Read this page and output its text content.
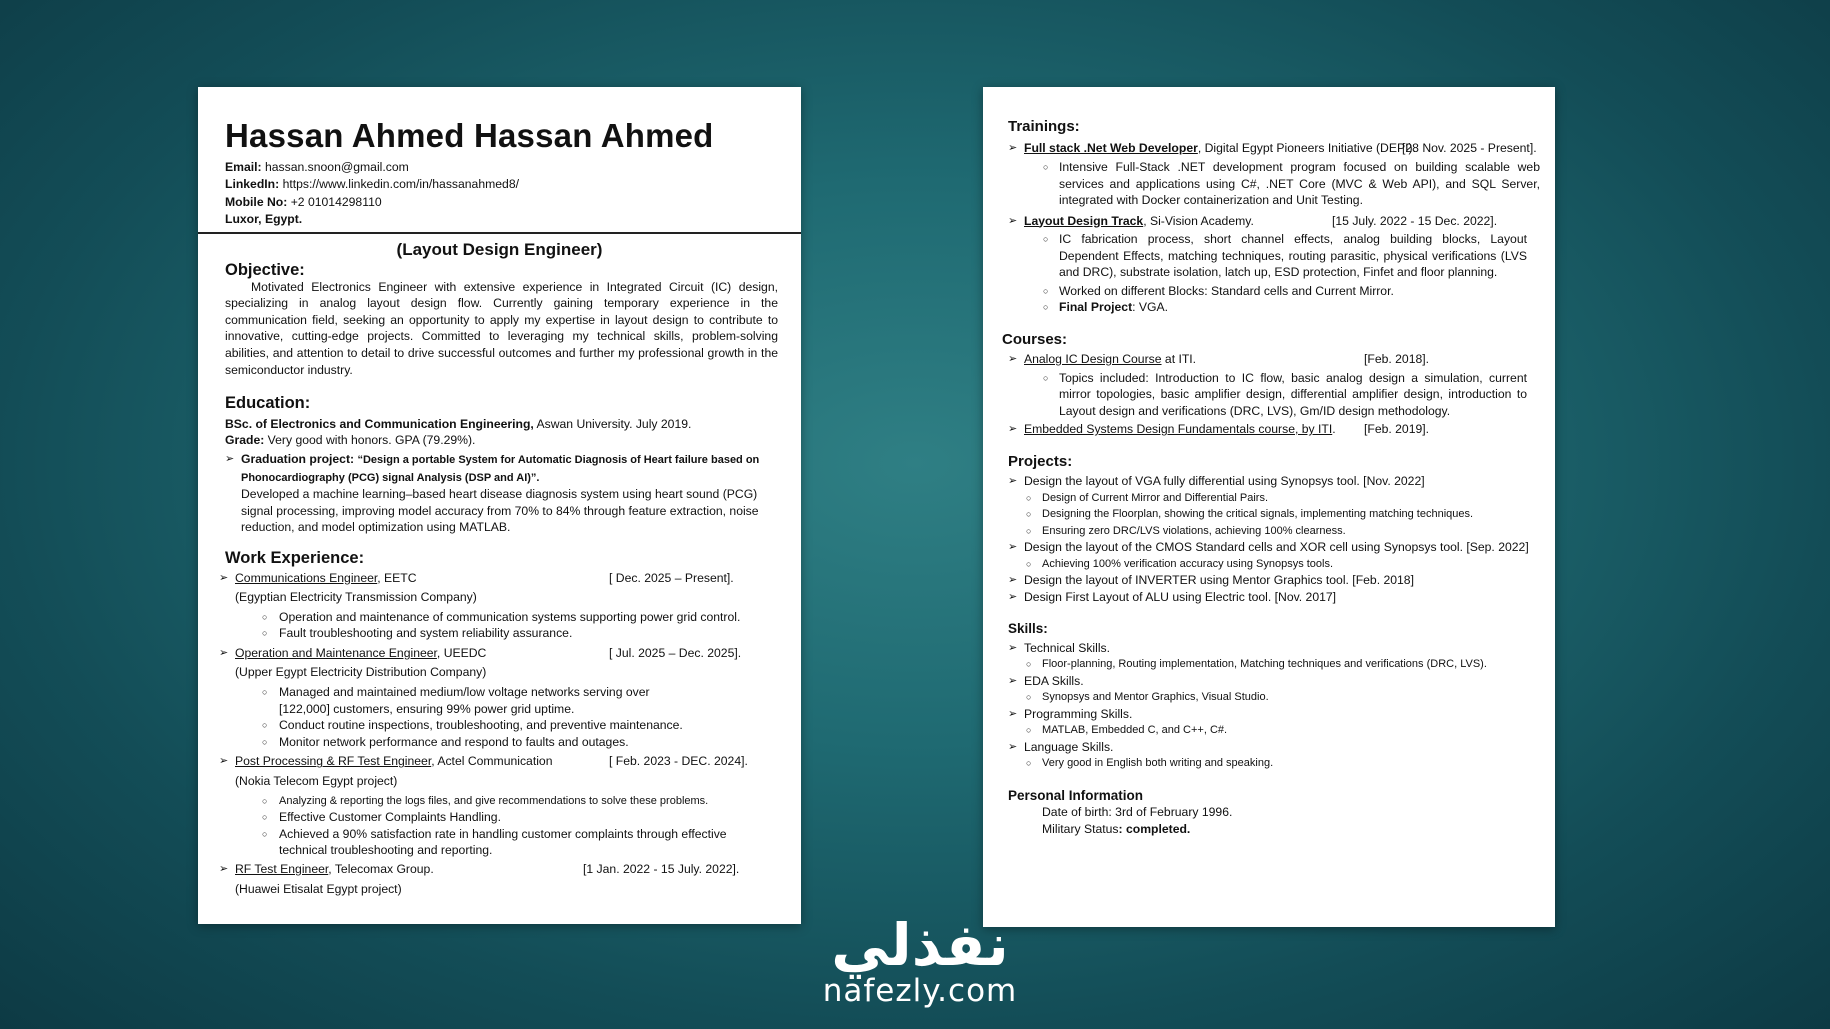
Hassan Ahmed Hassan Ahmed
Email: hassan.snoon@gmail.com
LinkedIn: https://www.linkedin.com/in/hassanahmed8/
Mobile No: +2 01014298110
Luxor, Egypt.
(Layout Design Engineer)
Objective:
Motivated Electronics Engineer with extensive experience in Integrated Circuit (IC) design, specializing in analog layout design flow. Currently gaining temporary experience in the communication field, seeking an opportunity to apply my expertise in layout design to contribute to innovative, cutting-edge projects. Committed to leveraging my technical skills, problem-solving abilities, and attention to detail to drive successful outcomes and further my professional growth in the semiconductor industry.
Education:
BSc. of Electronics and Communication Engineering, Aswan University. July 2019.
Grade: Very good with honors. GPA (79.29%).
➢ Graduation project: “Design a portable System for Automatic Diagnosis of Heart failure based on Phonocardiography (PCG) signal Analysis (DSP and AI)”.
Developed a machine learning–based heart disease diagnosis system using heart sound (PCG) signal processing, improving model accuracy from 70% to 84% through feature extraction, noise reduction, and model optimization using MATLAB.
Work Experience:
➢ Communications Engineer, EETC	[ Dec. 2025 – Present].
(Egyptian Electricity Transmission Company)
○ Operation and maintenance of communication systems supporting power grid control.
○ Fault troubleshooting and system reliability assurance.
➢ Operation and Maintenance Engineer, UEEDC	[ Jul. 2025 – Dec. 2025].
(Upper Egypt Electricity Distribution Company)
○ Managed and maintained medium/low voltage networks serving over [122,000] customers, ensuring 99% power grid uptime.
○ Conduct routine inspections, troubleshooting, and preventive maintenance.
○ Monitor network performance and respond to faults and outages.
➢ Post Processing & RF Test Engineer, Actel Communication	[ Feb. 2023 - DEC. 2024].
(Nokia Telecom Egypt project)
○ Analyzing & reporting the logs files, and give recommendations to solve these problems.
○ Effective Customer Complaints Handling.
○ Achieved a 90% satisfaction rate in handling customer complaints through effective technical troubleshooting and reporting.
➢ RF Test Engineer, Telecomax Group.	[1 Jan. 2022 - 15 July. 2022].
(Huawei Etisalat Egypt project)
Trainings:
➢ Full stack .Net Web Developer, Digital Egypt Pioneers Initiative (DEPI).
[28 Nov. 2025 - Present].
○ Intensive Full-Stack .NET development program focused on building scalable web services and applications using C#, .NET Core (MVC & Web API), and SQL Server, integrated with Docker containerization and Unit Testing.
➢ Layout Design Track, Si-Vision Academy.	[15 July. 2022 - 15 Dec. 2022].
○ IC fabrication process, short channel effects, analog building blocks, Layout Dependent Effects, matching techniques, routing parasitic, physical verifications (LVS and DRC), substrate isolation, latch up, ESD protection, Finfet and floor planning.
○ Worked on different Blocks: Standard cells and Current Mirror.
○ Final Project: VGA.
Courses:
➢ Analog IC Design Course at ITI.	[Feb. 2018].
○ Topics included: Introduction to IC flow, basic analog design a simulation, current mirror topologies, basic amplifier design, differential amplifier design, introduction to Layout design and verifications (DRC, LVS), Gm/ID design methodology.
➢ Embedded Systems Design Fundamentals course, by ITI. [Feb. 2019].
Projects:
➢ Design the layout of VGA fully differential using Synopsys tool. [Nov. 2022]
○ Design of Current Mirror and Differential Pairs.
○ Designing the Floorplan, showing the critical signals, implementing matching techniques.
○ Ensuring zero DRC/LVS violations, achieving 100% clearness.
➢ Design the layout of the CMOS Standard cells and XOR cell using Synopsys tool. [Sep. 2022]
○ Achieving 100% verification accuracy using Synopsys tools.
➢ Design the layout of INVERTER using Mentor Graphics tool. [Feb. 2018]
➢ Design First Layout of ALU using Electric tool. [Nov. 2017]
Skills:
➢ Technical Skills.
○ Floor-planning, Routing implementation, Matching techniques and verifications (DRC, LVS).
➢ EDA Skills.
○ Synopsys and Mentor Graphics, Visual Studio.
➢ Programming Skills.
○ MATLAB, Embedded C, and C++, C#.
➢ Language Skills.
○ Very good in English both writing and speaking.
Personal Information
Date of birth: 3rd of February 1996.
Military Status: completed.
نفذلي
nafezly.com
